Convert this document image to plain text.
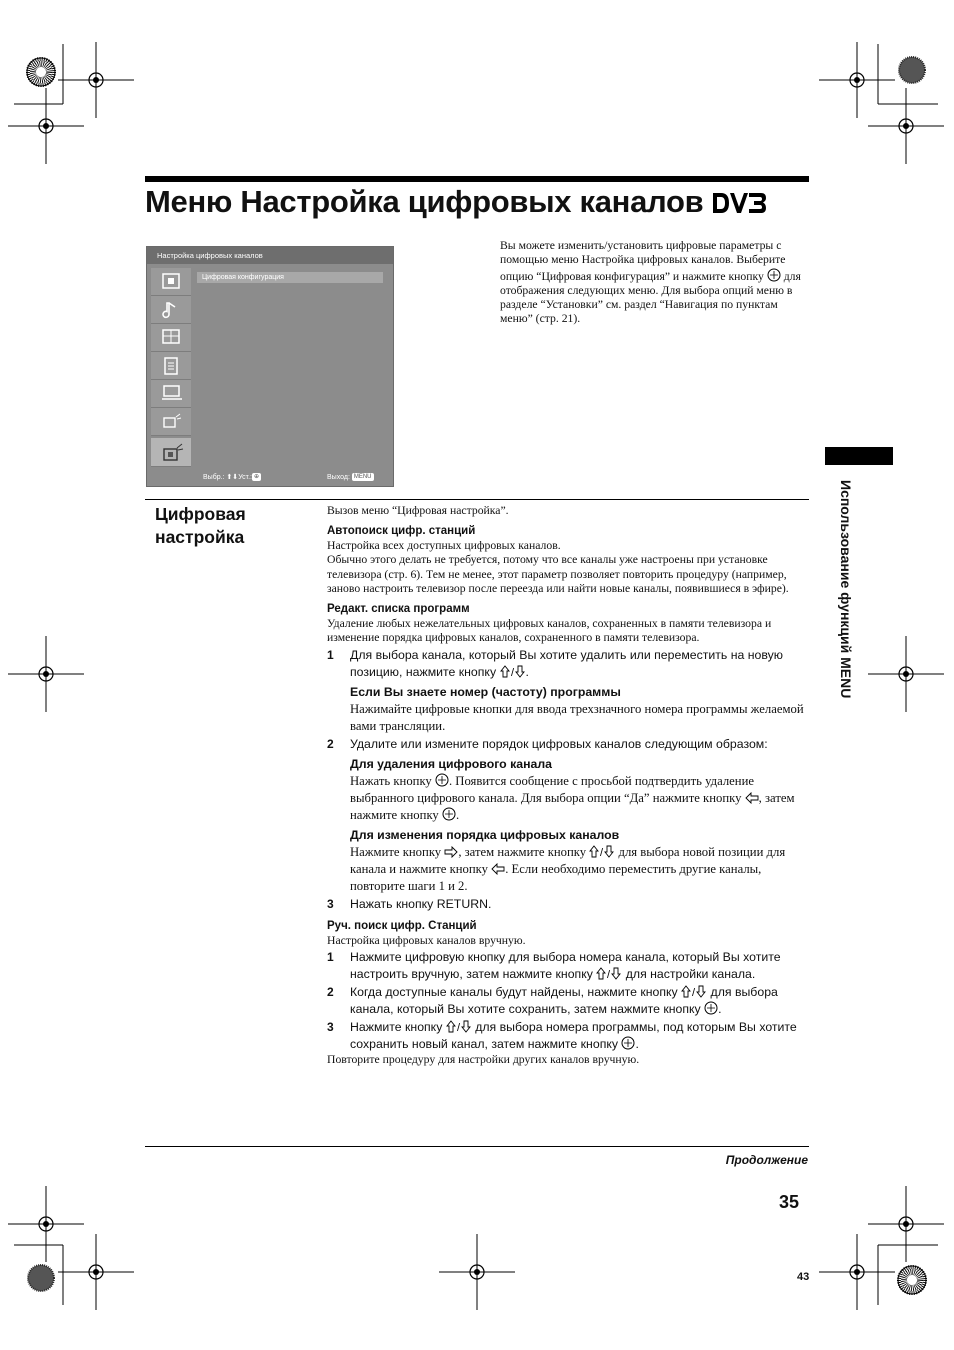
Меню Настройка цифровых каналов
Настройка цифровых каналов
Цифровая конфигурация
Выбр.: ⬆⬇Уст.: ⊕	Выход: MENU
Вы можете изменить/установить цифровые параметры с помощью меню Настройка цифровых каналов. Выберите опцию “Цифровая конфигурация” и нажмите кнопку для отображения следующих меню. Для выбора опций меню в разделе “Установки” см. раздел “Навигация по пунктам меню” (стр. 21).
Использование функций MENU
Цифровая настройка

Вызов меню “Цифровая настройка”.

Автопоиск цифр. станций

Настройка всех доступных цифровых каналов.

Обычно этого делать не требуется, потому что все каналы уже настроены при установке телевизора (стр. 6). Тем не менее, этот параметр позволяет повторить процедуру (например, заново настроить телевизор после переезда или найти новые каналы, появившиеся в эфире).

Редакт. списка программ

Удаление любых нежелательных цифровых каналов, сохраненных в памяти телевизора и изменение порядка цифровых каналов, сохраненного в памяти телевизора.

1 Для выбора канала, который Вы хотите удалить или переместить на новую позицию, нажмите кнопку / .

Если Вы знаете номер (частоту) программы

Нажимайте цифровые кнопки для ввода трехзначного номера программы желаемой вами трансляции.

2 Удалите или измените порядок цифровых каналов следующим образом:

Для удаления цифрового канала

Нажать кнопку . Появится сообщение с просьбой подтвердить удаление выбранного цифрового канала. Для выбора опции “Да” нажмите кнопку , затем нажмите кнопку .

Для изменения порядка цифровых каналов

Нажмите кнопку , затем нажмите кнопку / для выбора новой позиции для канала и нажмите кнопку . Если необходимо переместить другие каналы, повторите шаги 1 и 2.

3 Нажать кнопку RETURN.

Руч. поиск цифр. Станций

Настройка цифровых каналов вручную.

1 Нажмите цифровую кнопку для выбора номера канала, который Вы хотите настроить вручную, затем нажмите кнопку / для настройки канала.

2 Когда доступные каналы будут найдены, нажмите кнопку / для выбора канала, который Вы хотите сохранить, затем нажмите кнопку .

3 Нажмите кнопку / для выбора номера программы, под которым Вы хотите сохранить новый канал, затем нажмите кнопку .

Повторите процедуру для настройки других каналов вручную.

Продолжение
35
43
